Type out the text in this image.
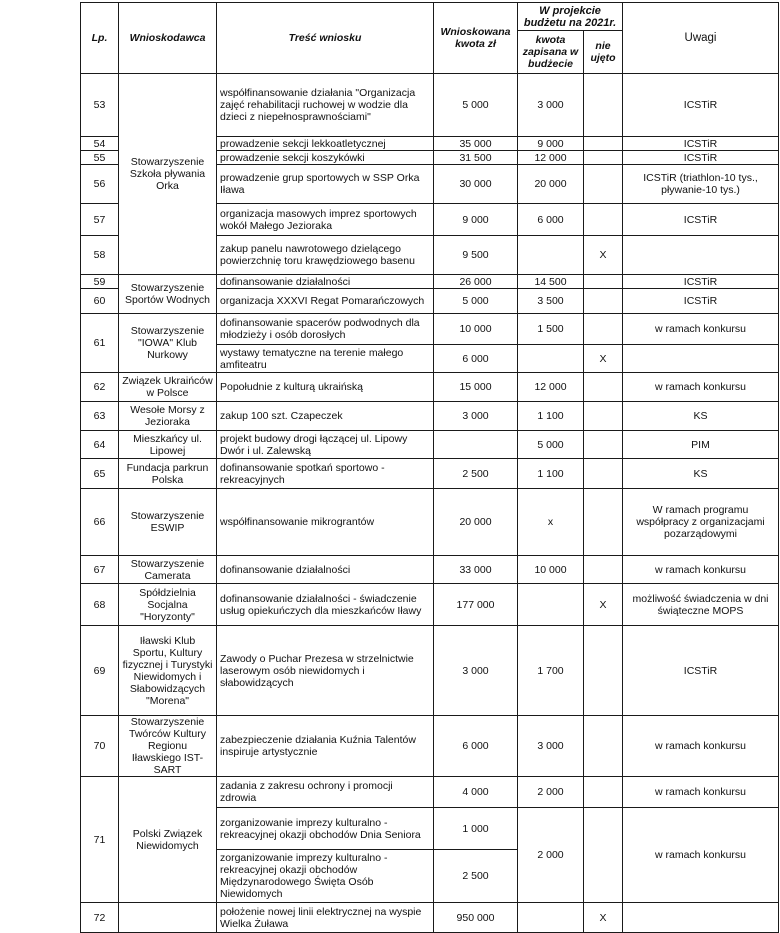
Lp.	Wnioskodawca	Treść wniosku	Wnioskowana kwota zł	W projekcie budżetu na 2021r.		Uwagi
				kwota zapisana w budżecie	nie ujęto	
53	Stowarzyszenie Szkoła pływania Orka	współfinansowanie działania "Organizacja zajęć rehabilitacji ruchowej w wodzie dla dzieci z niepełnosprawnościami"	5 000	3 000		ICSTiR
54		prowadzenie sekcji lekkoatletycznej	35 000	9 000		ICSTiR
55		prowadzenie sekcji koszykówki	31 500	12 000		ICSTiR
56		prowadzenie grup sportowych w SSP Orka Iława	30 000	20 000		ICSTiR (triathlon-10 tys., pływanie-10 tys.)
57		organizacja masowych imprez sportowych wokół Małego Jezioraka	9 000	6 000		ICSTiR
58		zakup panelu nawrotowego dzielącego powierzchnię toru krawędziowego basenu	9 500		X	
59	Stowarzyszenie Sportów Wodnych	dofinansowanie działalności	26 000	14 500		ICSTiR
60		organizacja XXXVI Regat Pomarańczowych	5 000	3 500		ICSTiR
61	Stowarzyszenie "IOWA" Klub Nurkowy	dofinansowanie spacerów podwodnych dla młodzieży i osób dorosłych	10 000	1 500		w ramach konkursu
		wystawy tematyczne na terenie małego amfiteatru	6 000		X	
62	Związek Ukraińców w Polsce	Popołudnie z kulturą ukraińską	15 000	12 000		w ramach konkursu
63	Wesołe Morsy z Jezioraka	zakup 100 szt. Czapeczek	3 000	1 100		KS
64	Mieszkańcy ul. Lipowej	projekt budowy drogi łączącej ul. Lipowy Dwór i ul. Zalewską		5 000		PIM
65	Fundacja parkrun Polska	dofinansowanie spotkań sportowo - rekreacyjnych	2 500	1 100		KS
66	Stowarzyszenie ESWIP	współfinansowanie mikrograntów	20 000	x		W ramach programu współpracy z organizacjami pozarządowymi
67	Stowarzyszenie Camerata	dofinansowanie działalności	33 000	10 000		w ramach konkursu
68	Spółdzielnia Socjalna "Horyzonty"	dofinansowanie działalności - świadczenie usług opiekuńczych dla mieszkańców Iławy	177 000		X	możliwość świadczenia w dni świąteczne MOPS
69	Iławski Klub Sportu, Kultury fizycznej i Turystyki Niewidomych i Słabowidzących "Morena"	Zawody o Puchar Prezesa w strzelnictwie laserowym osób niewidomych i słabowidzących	3 000	1 700		ICSTiR
70	Stowarzyszenie Twórców Kultury Regionu Iławskiego IST-SART	zabezpieczenie działania Kuźnia Talentów inspiruje artystycznie	6 000	3 000		w ramach konkursu
71	Polski Związek Niewidomych	zadania z zakresu ochrony i promocji zdrowia	4 000	2 000		w ramach konkursu
		zorganizowanie imprezy kulturalno - rekreacyjnej okazji obchodów Dnia Seniora	1 000	2 000		w ramach konkursu
		zorganizowanie imprezy kulturalno - rekreacyjnej okazji obchodów Międzynarodowego Święta Osób Niewidomych	2 500			
72		położenie nowej linii elektrycznej na wyspie Wielka Żuława	950 000		X	
